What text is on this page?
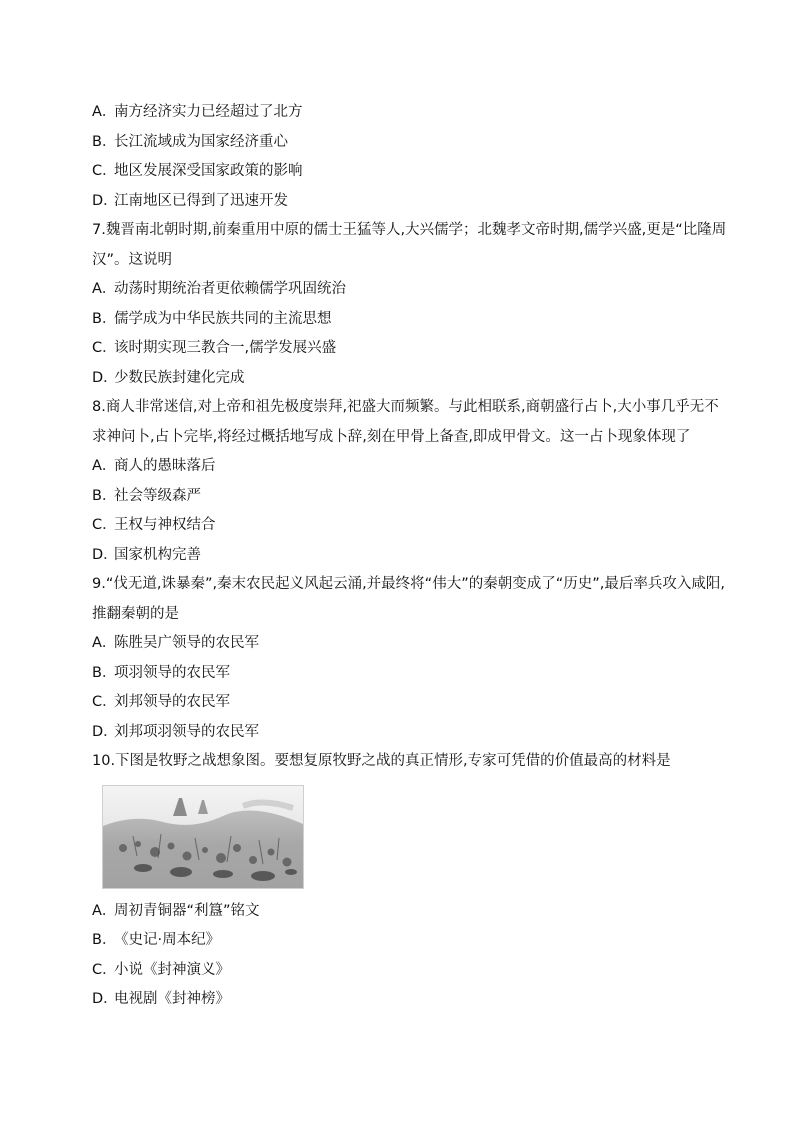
A．南方经济实力已经超过了北方
B．长江流域成为国家经济重心
C．地区发展深受国家政策的影响
D．江南地区已得到了迅速开发
7.魏晋南北朝时期,前秦重用中原的儒士王猛等人,大兴儒学；北魏孝文帝时期,儒学兴盛,更是“比隆周
汉”。这说明
A．动荡时期统治者更依赖儒学巩固统治
B．儒学成为中华民族共同的主流思想
C．该时期实现三教合一,儒学发展兴盛
D．少数民族封建化完成
8.商人非常迷信,对上帝和祖先极度崇拜,祀盛大而频繁。与此相联系,商朝盛行占卜,大小事几乎无不
求神问卜,占卜完毕,将经过概括地写成卜辞,刻在甲骨上备查,即成甲骨文。这一占卜现象体现了
A．商人的愚昧落后
B．社会等级森严
C．王权与神权结合
D．国家机构完善
9.“伐无道,诛暴秦”,秦末农民起义风起云涌,并最终将“伟大”的秦朝变成了“历史”,最后率兵攻入咸阳,
推翻秦朝的是
A．陈胜吴广领导的农民军
B．项羽领导的农民军
C．刘邦领导的农民军
D．刘邦项羽领导的农民军
10.下图是牧野之战想象图。要想复原牧野之战的真正情形,专家可凭借的价值最高的材料是
A．周初青铜器“利簋”铭文
B．《史记·周本纪》
C．小说《封神演义》
D．电视剧《封神榜》
